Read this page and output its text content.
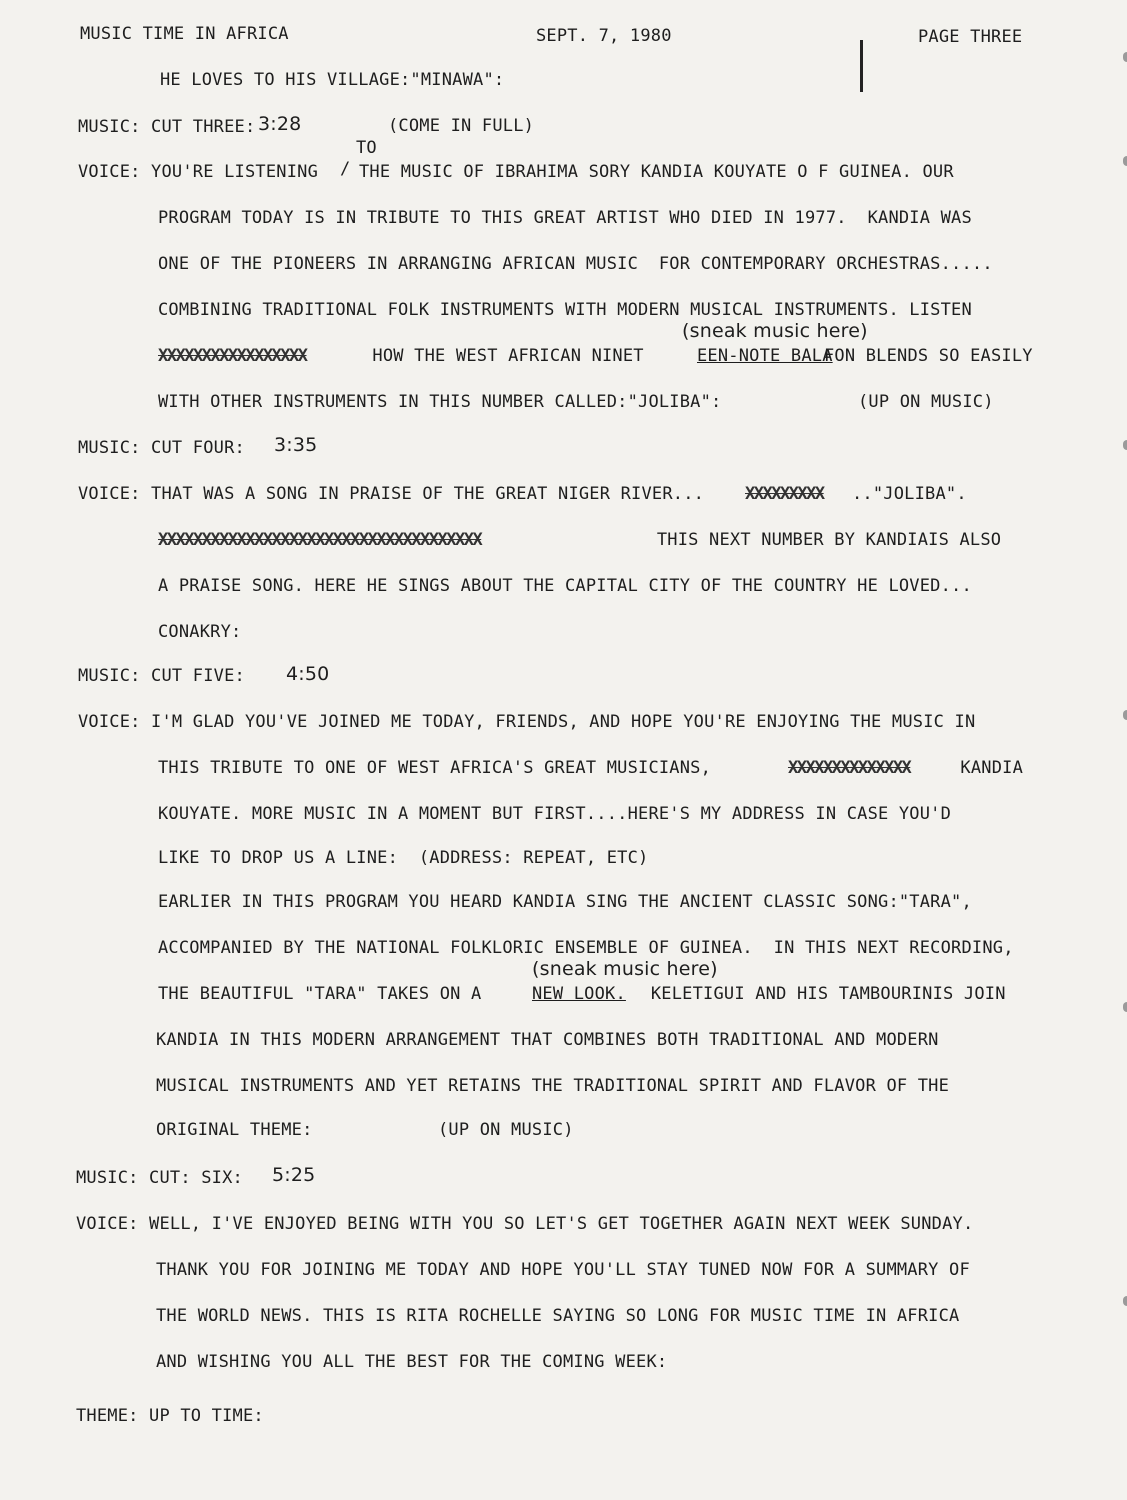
MUSIC TIME IN AFRICA	SEPT. 7, 1980	PAGE THREE
HE LOVES TO HIS VILLAGE:"MINAWA":
MUSIC: CUT THREE: 3:28	(COME IN FULL)
TO
VOICE: YOU'RE LISTENING / THE MUSIC OF IBRAHIMA SORY KANDIA KOUYATE O F GUINEA. OUR
PROGRAM TODAY IS IN TRIBUTE TO THIS GREAT ARTIST WHO DIED IN 1977.  KANDIA WAS
ONE OF THE PIONEERS IN ARRANGING AFRICAN MUSIC  FOR CONTEMPORARY ORCHESTRAS.....
COMBINING TRADITIONAL FOLK INSTRUMENTS WITH MODERN MUSICAL INSTRUMENTS. LISTEN
(sneak music here)
XXXXXXXXXXXXXXXXX	HOW THE WEST AFRICAN NINET	EEN-NOTE BALA
FON BLENDS SO EASILY
WITH OTHER INSTRUMENTS IN THIS NUMBER CALLED:"JOLIBA":	(UP ON MUSIC)
MUSIC: CUT FOUR: 3:35
VOICE: THAT WAS A SONG IN PRAISE OF THE GREAT NIGER RIVER... XXXXXXXXX .."JOLIBA".
XXXXXXXXXXXXXXXXXXXXXXXXXXXXXXXXXXXXX	THIS NEXT NUMBER BY KANDIAIS ALSO
A PRAISE SONG. HERE HE SINGS ABOUT THE CAPITAL CITY OF THE COUNTRY HE LOVED...
CONAKRY:
MUSIC: CUT FIVE: 4:50
VOICE: I'M GLAD YOU'VE JOINED ME TODAY, FRIENDS, AND HOPE YOU'RE ENJOYING THE MUSIC IN
THIS TRIBUTE TO ONE OF WEST AFRICA'S GREAT MUSICIANS,	XXXXXXXXXXXXXX KANDIA
KOUYATE. MORE MUSIC IN A MOMENT BUT FIRST....HERE'S MY ADDRESS IN CASE YOU'D
LIKE TO DROP US A LINE:  (ADDRESS: REPEAT, ETC)
EARLIER IN THIS PROGRAM YOU HEARD KANDIA SING THE ANCIENT CLASSIC SONG:"TARA",
ACCOMPANIED BY THE NATIONAL FOLKLORIC ENSEMBLE OF GUINEA.  IN THIS NEXT RECORDING,
(sneak music here)
THE BEAUTIFUL "TARA" TAKES ON A NEW LOOK. KELETIGUI AND HIS TAMBOURINIS JOIN
KANDIA IN THIS MODERN ARRANGEMENT THAT COMBINES BOTH TRADITIONAL AND MODERN
MUSICAL INSTRUMENTS AND YET RETAINS THE TRADITIONAL SPIRIT AND FLAVOR OF THE
ORIGINAL THEME:	(UP ON MUSIC)
MUSIC: CUT: SIX: 5:25
VOICE: WELL, I'VE ENJOYED BEING WITH YOU SO LET'S GET TOGETHER AGAIN NEXT WEEK SUNDAY.
THANK YOU FOR JOINING ME TODAY AND HOPE YOU'LL STAY TUNED NOW FOR A SUMMARY OF
THE WORLD NEWS. THIS IS RITA ROCHELLE SAYING SO LONG FOR MUSIC TIME IN AFRICA
AND WISHING YOU ALL THE BEST FOR THE COMING WEEK:
THEME: UP TO TIME:
